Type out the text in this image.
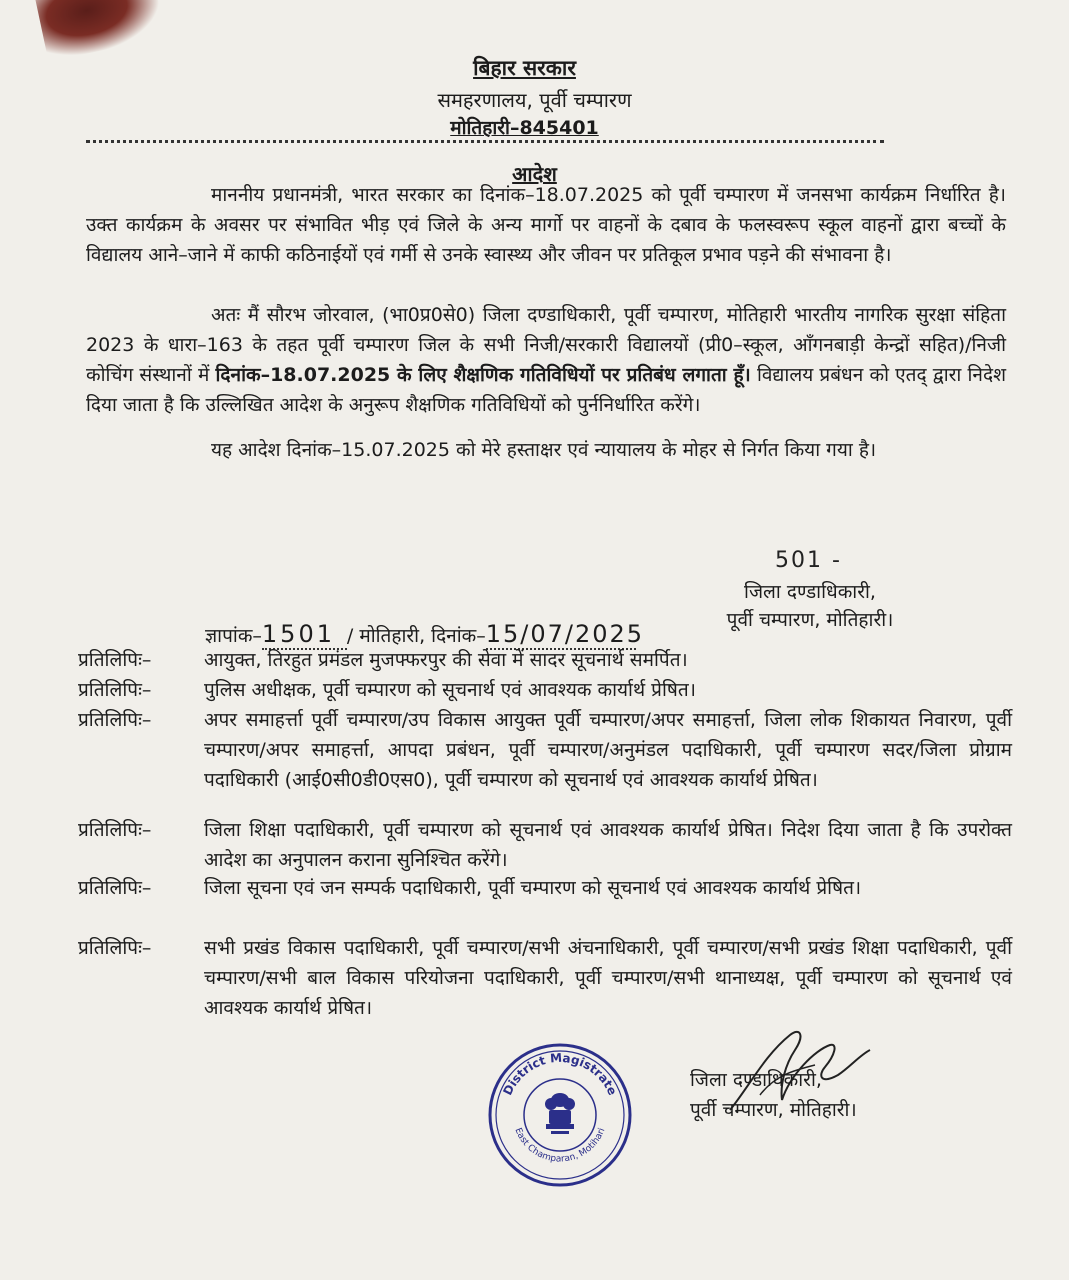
बिहार सरकार
समहरणालय, पूर्वी चम्पारण
मोतिहारी–845401
आदेश
माननीय प्रधानमंत्री, भारत सरकार का दिनांक–18.07.2025 को पूर्वी चम्पारण में जनसभा कार्यक्रम निर्धारित है। उक्त कार्यक्रम के अवसर पर संभावित भीड़ एवं जिले के अन्य मार्गो पर वाहनों के दबाव के फलस्वरूप स्कूल वाहनों द्वारा बच्चों के विद्यालय आने–जाने में काफी कठिनाईयों एवं गर्मी से उनके स्वास्थ्य और जीवन पर प्रतिकूल प्रभाव पड़ने की संभावना है।
अतः मैं सौरभ जोरवाल, (भा0प्र0से0) जिला दण्डाधिकारी, पूर्वी चम्पारण, मोतिहारी भारतीय नागरिक सुरक्षा संहिता 2023 के धारा–163 के तहत पूर्वी चम्पारण जिल के सभी निजी/सरकारी विद्यालयों (प्री0–स्कूल, आँगनबाड़ी केन्द्रों सहित)/निजी कोचिंग संस्थानों में दिनांक–18.07.2025 के लिए शैक्षणिक गतिविधियों पर प्रतिबंध लगाता हूँ। विद्यालय प्रबंधन को एतद् द्वारा निदेश दिया जाता है कि उल्लिखित आदेश के अनुरूप शैक्षणिक गतिविधियों को पुर्ननिर्धारित करेंगे।
यह आदेश दिनांक–15.07.2025 को मेरे हस्ताक्षर एवं न्यायालय के मोहर से निर्गत किया गया है।
501 -
जिला दण्डाधिकारी,
पूर्वी चम्पारण, मोतिहारी।
ज्ञापांक–1501 / मोतिहारी, दिनांक–15/07/2025
प्रतिलिपिः–	आयुक्त, तिरहुत प्रमंडल मुजफ्फरपुर की सेवा में सादर सूचनार्थ समर्पित।
प्रतिलिपिः–	पुलिस अधीक्षक, पूर्वी चम्पारण को सूचनार्थ एवं आवश्यक कार्यार्थ प्रेषित।
प्रतिलिपिः–	अपर समाहर्त्ता पूर्वी चम्पारण/उप विकास आयुक्त पूर्वी चम्पारण/अपर समाहर्त्ता, जिला लोक शिकायत निवारण, पूर्वी चम्पारण/अपर समाहर्त्ता, आपदा प्रबंधन, पूर्वी चम्पारण/अनुमंडल पदाधिकारी, पूर्वी चम्पारण सदर/जिला प्रोग्राम पदाधिकारी (आई0सी0डी0एस0), पूर्वी चम्पारण को सूचनार्थ एवं आवश्यक कार्यार्थ प्रेषित।
प्रतिलिपिः–	जिला शिक्षा पदाधिकारी, पूर्वी चम्पारण को सूचनार्थ एवं आवश्यक कार्यार्थ प्रेषित। निदेश दिया जाता है कि उपरोक्त आदेश का अनुपालन कराना सुनिश्चित करेंगे।
प्रतिलिपिः–	जिला सूचना एवं जन सम्पर्क पदाधिकारी, पूर्वी चम्पारण को सूचनार्थ एवं आवश्यक कार्यार्थ प्रेषित।
प्रतिलिपिः–	सभी प्रखंड विकास पदाधिकारी, पूर्वी चम्पारण/सभी अंचनाधिकारी, पूर्वी चम्पारण/सभी प्रखंड शिक्षा पदाधिकारी, पूर्वी चम्पारण/सभी बाल विकास परियोजना पदाधिकारी, पूर्वी चम्पारण/सभी थानाध्यक्ष, पूर्वी चम्पारण को सूचनार्थ एवं आवश्यक कार्यार्थ प्रेषित।
District Magistrate
East Champaran, Motihari
जिला दण्डाधिकारी,
पूर्वी चम्पारण, मोतिहारी।
